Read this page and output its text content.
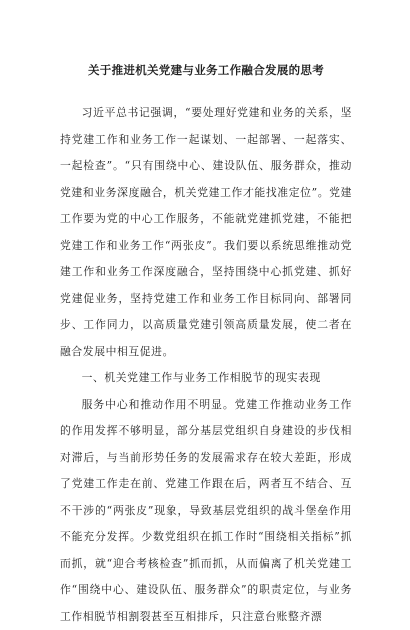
关于推进机关党建与业务工作融合发展的思考

习近平总书记强调，“要处理好党建和业务的关系，坚持党建工作和业务工作一起谋划、一起部署、一起落实、一起检查”。“只有围绕中心、建设队伍、服务群众，推动党建和业务深度融合，机关党建工作才能找准定位”。党建工作要为党的中心工作服务，不能就党建抓党建，不能把党建工作和业务工作“两张皮”。我们要以系统思维推动党建工作和业务工作深度融合，坚持围绕中心抓党建、抓好党建促业务，坚持党建工作和业务工作目标同向、部署同步、工作同力，以高质量党建引领高质量发展，使二者在融合发展中相互促进。

一、机关党建工作与业务工作相脱节的现实表现

服务中心和推动作用不明显。党建工作推动业务工作的作用发挥不够明显，部分基层党组织自身建设的步伐相对滞后，与当前形势任务的发展需求存在较大差距，形成了党建工作走在前、党建工作跟在后，两者互不结合、互不干涉的“两张皮”现象，导致基层党组织的战斗堡垒作用不能充分发挥。少数党组织在抓工作时“围绕相关指标”抓而抓，就“迎合考核检查”抓而抓，从而偏离了机关党建工作“围绕中心、建设队伍、服务群众”的职责定位，与业务工作相脱节相割裂甚至互相排斥，只注意台账整齐漂
